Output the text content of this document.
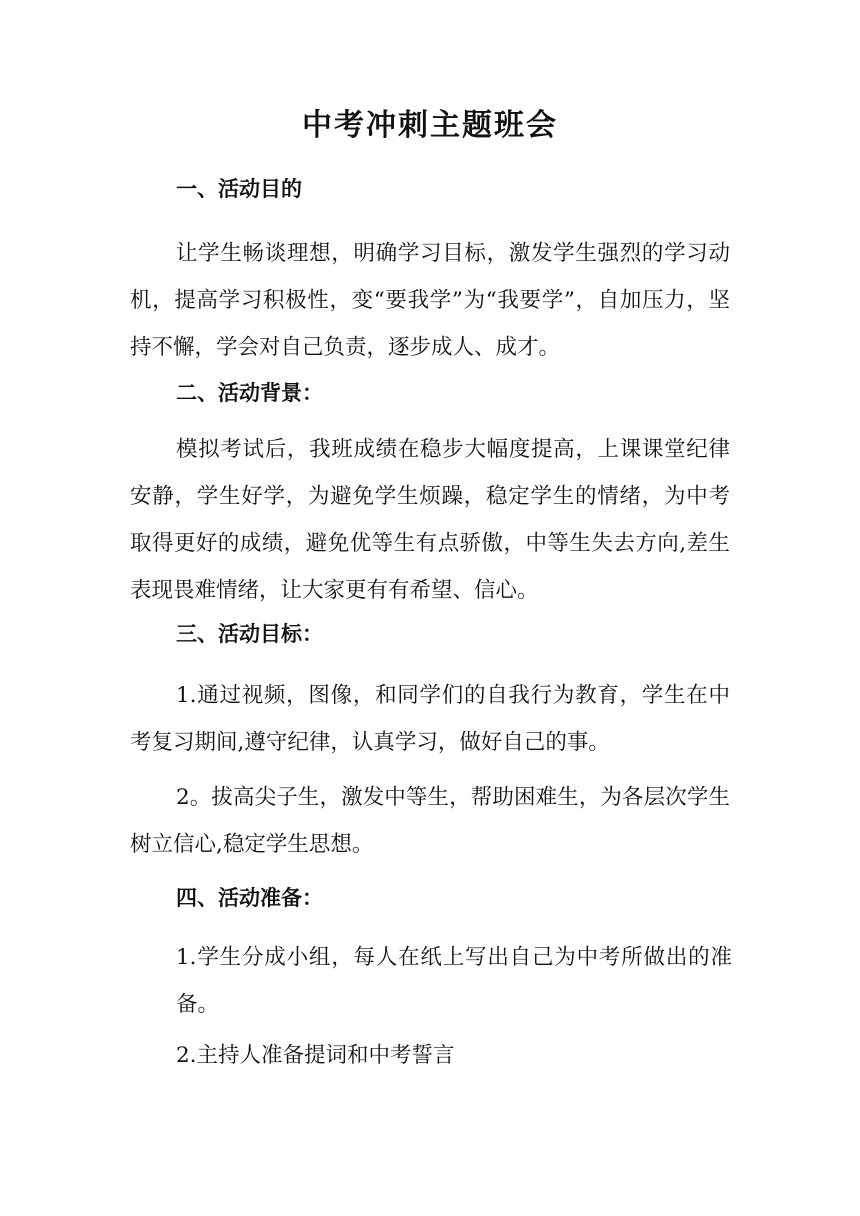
中考冲刺主题班会
一、活动目的

让学生畅谈理想，明确学习目标，激发学生强烈的学习动机，提高学习积极性，变“要我学”为“我要学”，自加压力，坚持不懈，学会对自己负责，逐步成人、成才。

二、活动背景：

模拟考试后，我班成绩在稳步大幅度提高，上课课堂纪律安静，学生好学，为避免学生烦躁，稳定学生的情绪，为中考取得更好的成绩，避免优等生有点骄傲，中等生失去方向,差生表现畏难情绪，让大家更有有希望、信心。

三、活动目标：

1.通过视频，图像，和同学们的自我行为教育，学生在中考复习期间,遵守纪律，认真学习，做好自己的事。

2。拔高尖子生，激发中等生，帮助困难生，为各层次学生树立信心,稳定学生思想。

四、活动准备：

1.学生分成小组，每人在纸上写出自己为中考所做出的准备。

2.主持人准备提词和中考誓言
